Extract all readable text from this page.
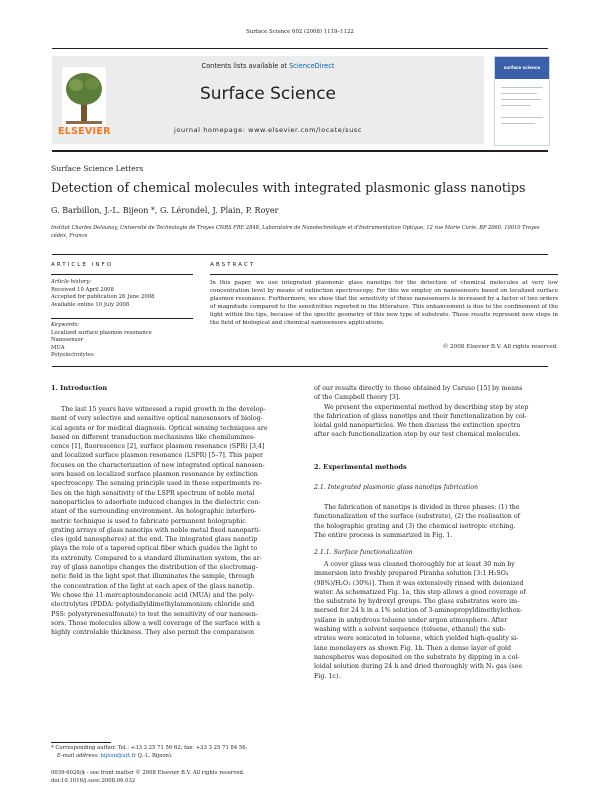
Surface Science 602 (2008) 1119–1122
ELSEVIER
Contents lists available at ScienceDirect
Surface Science
journal homepage: www.elsevier.com/locate/susc
surface science
Surface Science Letters
Detection of chemical molecules with integrated plasmonic glass nanotips
G. Barbillon, J.-L. Bijeon *, G. Lérondel, J. Plain, P. Royer
Institut Charles Delaunay, Université de Technologie de Troyes CNRS FRE 2848, Laboratoire de Nanotechnologie et d'Instrumentation Optique, 12 rue Marie Curie, BP 2060, 10010 Troyes cédex, France
ARTICLE INFO
Article history:
Received 10 April 2008
Accepted for publication 26 June 2008
Available online 10 July 2008
Keywords:
Localized surface plasmon resonance
Nanosensor
MUA
Polyelectrolytes
ABSTRACT
In this paper, we use integrated plasmonic glass nanotips for the detection of chemical molecules at very low concentration level by means of extinction spectroscopy. For this we employ on nanosensors based on localized surface plasmon resonance. Furthermore, we show that the sensitivity of these nanosensors is increased by a factor of two orders of magnitude compared to the sensitivities reported in the litterature. This enhancement is due to the confinement of the light within the tips, because of the specific geometry of this new type of substrate. These results represent new steps in the field of biological and chemical nanosensors applications.
© 2008 Elsevier B.V. All rights reserved.
1. Introduction
The last 15 years have witnessed a rapid growth in the develop-
ment of very selective and sensitive optical nanosensors of biolog-
ical agents or for medical diagnosis. Optical sensing techniques are
based on different transduction mechanisms like chemilumines-
cence [1], fluorescence [2], surface plasmon resonance (SPR) [3,4]
and localized surface plasmon resonance (LSPR) [5–7]. This paper
focuses on the characterization of new integrated optical nanosen-
sors based on localized surface plasmon resonance by extinction
spectroscopy. The sensing principle used in these experiments re-
lies on the high sensitivity of the LSPR spectrum of noble metal
nanoparticles to adsorbate induced changes in the dielectric con-
stant of the surrounding environment. An holographic interfero-
metric technique is used to fabricate permanent holographic
grating arrays of glass nanotips with noble metal fixed nanoparti-
cles (gold nanospheres) at the end. The integrated glass nanotip
plays the role of a tapered optical fiber which guides the light to
its extremity. Compared to a standard illumination system, the ar-
ray of glass nanotips changes the distribution of the electromag-
netic field in the light spot that illuminates the sample, through
the concentration of the light at each apex of the glass nanotip.
We chose the 11-mercaptoundecanoic acid (MUA) and the poly-
electrolytes (PDDA: polydiallyldimethylammonium chloride and
PSS: polystyrenesulfonate) to test the sensitivity of our nanosen-
sors. Those molecules allow a well coverage of the surface with a
highly controlable thickness. They also permit the comparaison
* Corresponding author. Tel.: +33 3 25 71 56 62; fax: +33 3 25 71 84 56.
E-mail address: bijeon@utt.fr (J.-L. Bijeon).
0039-6028/$ - see front matter © 2008 Elsevier B.V. All rights reserved.
doi:10.1016/j.susc.2008.06.032
of our results directly to those obtained by Caruso [15] by means
of the Campbell theory [3].
We present the experimental method by describing step by step
the fabrication of glass nanotips and their functionalization by col-
loidal gold nanoparticles. We then discuss the extinction spectra
after each functionalization step by our test chemical molecules.
2. Experimental methods
2.1. Integrated plasmonic glass nanotips fabrication
The fabrication of nanotips is divided in three phases: (1) the
functionalization of the surface (substrate), (2) the realisation of
the holographic grating and (3) the chemical isotropic etching.
The entire process is summarized in Fig. 1.
2.1.1. Surface functionalization
A cover glass was cleaned thoroughly for at least 30 min by
immersion into freshly prepared Piranha solution [3:1 H₂SO₄
(98%)/H₂O₂ (30%)]. Then it was extensively rinsed with deionized
water. As schematized Fig. 1a, this step allows a good coverage of
the substrate by hydroxyl groups. The glass substrates were im-
mersed for 24 h in a 1% solution of 3-aminopropyldimethylethox-
ysilane in anhydrous toluene under argon atmosphere. After
washing with a solvent sequence (toluene, ethanol) the sub-
strates were sonicated in toluene, which yielded high-quality si-
lane monolayers as shown Fig. 1b. Then a dense layer of gold
nanospheres was deposited on the substrate by dipping in a col-
loidal solution during 24 h and dried thoroughly with N₂ gas (see
Fig. 1c).
